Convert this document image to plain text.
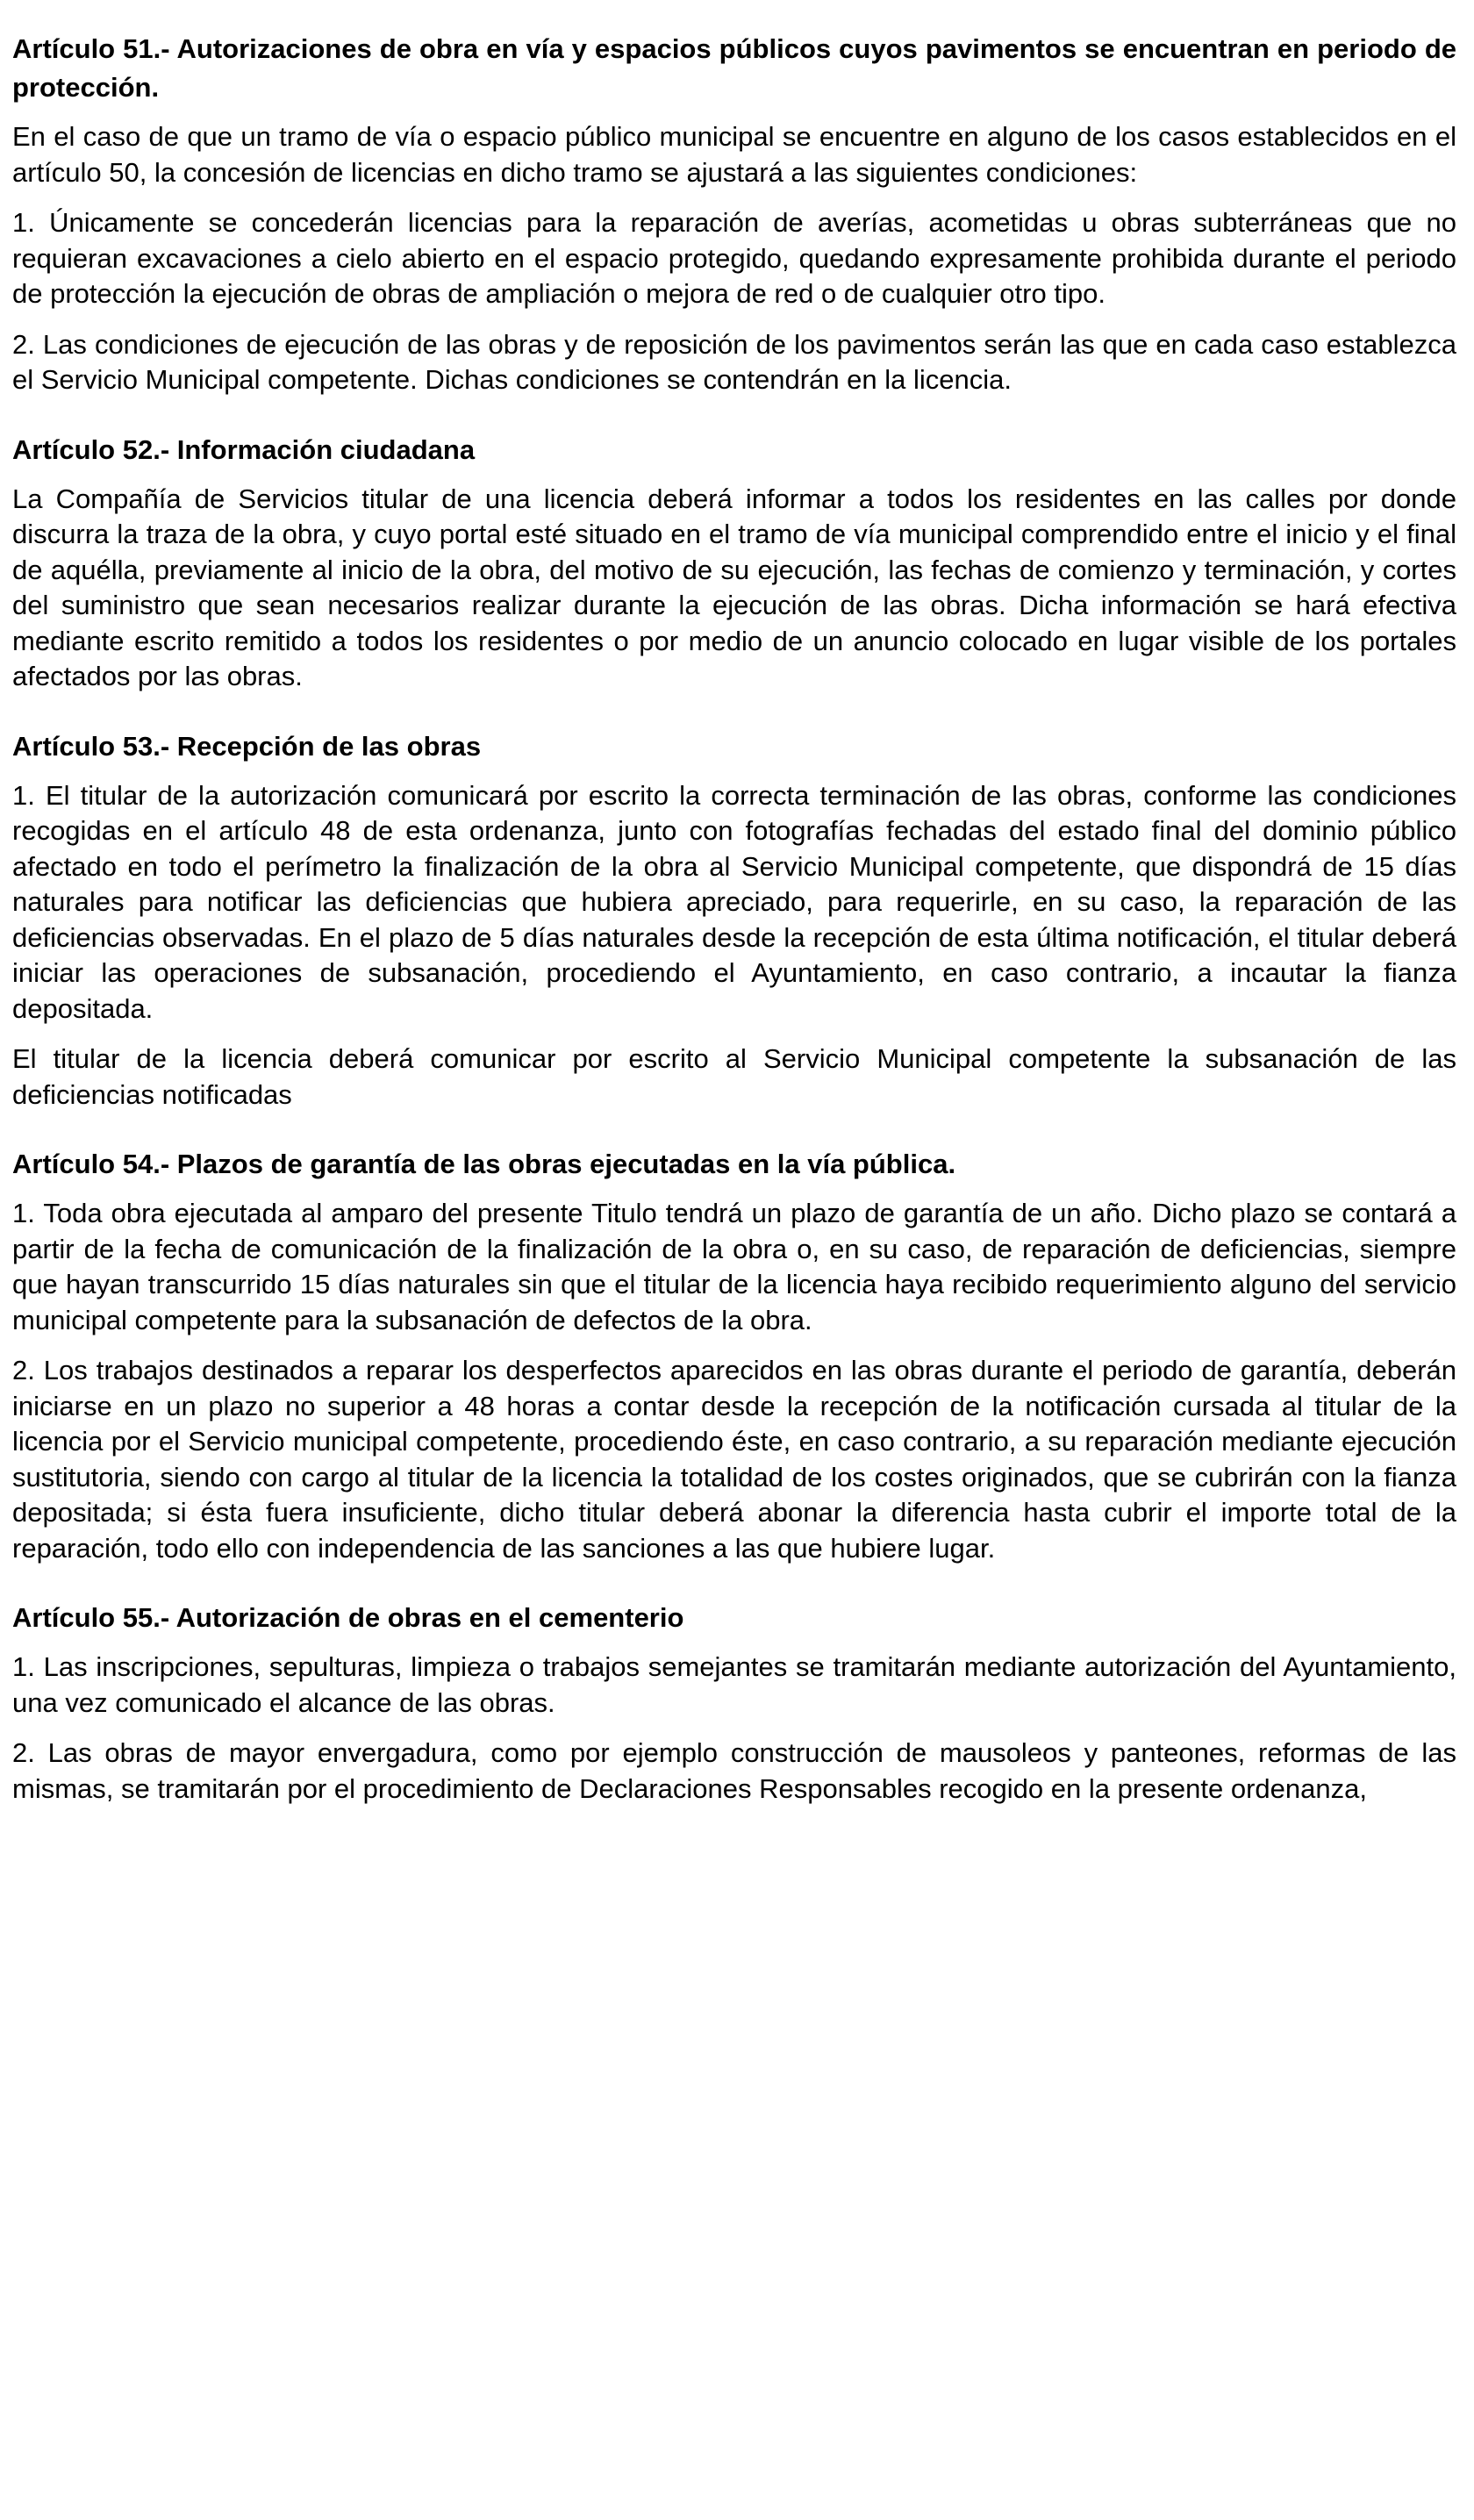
Artículo 51.- Autorizaciones de obra en vía y espacios públicos cuyos pavimentos se encuentran en periodo de protección.

En el caso de que un tramo de vía o espacio público municipal se encuentre en alguno de los casos establecidos en el artículo 50, la concesión de licencias en dicho tramo se ajustará a las siguientes condiciones:

1. Únicamente se concederán licencias para la reparación de averías, acometidas u obras subterráneas que no requieran excavaciones a cielo abierto en el espacio protegido, quedando expresamente prohibida durante el periodo de protección la ejecución de obras de ampliación o mejora de red o de cualquier otro tipo.

2. Las condiciones de ejecución de las obras y de reposición de los pavimentos serán las que en cada caso establezca el Servicio Municipal competente. Dichas condiciones se contendrán en la licencia.

Artículo 52.- Información ciudadana

La Compañía de Servicios titular de una licencia deberá informar a todos los residentes en las calles por donde discurra la traza de la obra, y cuyo portal esté situado en el tramo de vía municipal comprendido entre el inicio y el final de aquélla, previamente al inicio de la obra, del motivo de su ejecución, las fechas de comienzo y terminación, y cortes del suministro que sean necesarios realizar durante la ejecución de las obras. Dicha información se hará efectiva mediante escrito remitido a todos los residentes o por medio de un anuncio colocado en lugar visible de los portales afectados por las obras.

Artículo 53.- Recepción de las obras

1. El titular de la autorización comunicará por escrito la correcta terminación de las obras, conforme las condiciones recogidas en el artículo 48 de esta ordenanza, junto con fotografías fechadas del estado final del dominio público afectado en todo el perímetro la finalización de la obra al Servicio Municipal competente, que dispondrá de 15 días naturales para notificar las deficiencias que hubiera apreciado, para requerirle, en su caso, la reparación de las deficiencias observadas. En el plazo de 5 días naturales desde la recepción de esta última notificación, el titular deberá iniciar las operaciones de subsanación, procediendo el Ayuntamiento, en caso contrario, a incautar la fianza depositada.

El titular de la licencia deberá comunicar por escrito al Servicio Municipal competente la subsanación de las deficiencias notificadas

Artículo 54.- Plazos de garantía de las obras ejecutadas en la vía pública.

1. Toda obra ejecutada al amparo del presente Titulo tendrá un plazo de garantía de un año. Dicho plazo se contará a partir de la fecha de comunicación de la finalización de la obra o, en su caso, de reparación de deficiencias, siempre que hayan transcurrido 15 días naturales sin que el titular de la licencia haya recibido requerimiento alguno del servicio municipal competente para la subsanación de defectos de la obra.

2. Los trabajos destinados a reparar los desperfectos aparecidos en las obras durante el periodo de garantía, deberán iniciarse en un plazo no superior a 48 horas a contar desde la recepción de la notificación cursada al titular de la licencia por el Servicio municipal competente, procediendo éste, en caso contrario, a su reparación mediante ejecución sustitutoria, siendo con cargo al titular de la licencia la totalidad de los costes originados, que se cubrirán con la fianza depositada; si ésta fuera insuficiente, dicho titular deberá abonar la diferencia hasta cubrir el importe total de la reparación, todo ello con independencia de las sanciones a las que hubiere lugar.

Artículo 55.- Autorización de obras en el cementerio

1. Las inscripciones, sepulturas, limpieza o trabajos semejantes se tramitarán mediante autorización del Ayuntamiento, una vez comunicado el alcance de las obras.

2. Las obras de mayor envergadura, como por ejemplo construcción de mausoleos y panteones, reformas de las mismas, se tramitarán por el procedimiento de Declaraciones Responsables recogido en la presente ordenanza,
